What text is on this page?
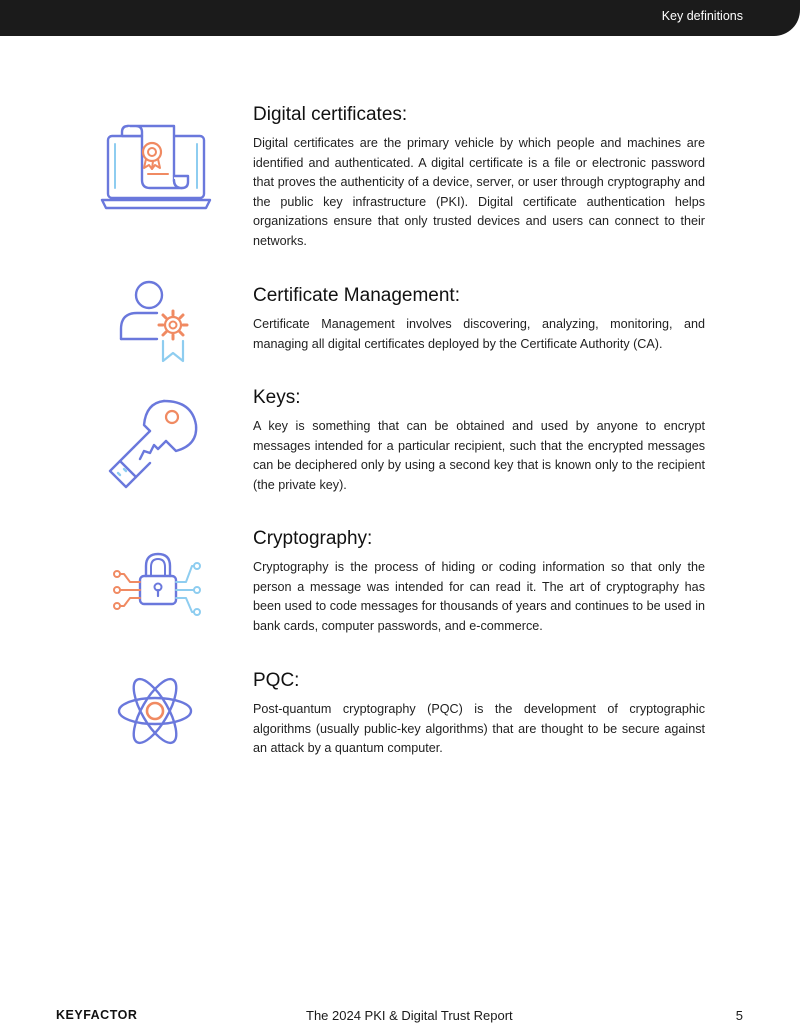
Key definitions
Digital certificates:

Digital certificates are the primary vehicle by which people and machines are identified and authenticated. A digital certificate is a file or electronic password that proves the authenticity of a device, server, or user through cryptography and the public key infrastructure (PKI). Digital certificate authentication helps organizations ensure that only trusted devices and users can connect to their networks.

Certificate Management:

Certificate Management involves discovering, analyzing, monitoring, and managing all digital certificates deployed by the Certificate Authority (CA).

Keys:

A key is something that can be obtained and used by anyone to encrypt messages intended for a particular recipient, such that the encrypted messages can be deciphered only by using a second key that is known only to the recipient (the private key).

Cryptography:

Cryptography is the process of hiding or coding information so that only the person a message was intended for can read it. The art of cryptography has been used to code messages for thousands of years and continues to be used in bank cards, computer passwords, and e-commerce.

PQC:

Post-quantum cryptography (PQC) is the development of cryptographic algorithms (usually public-key algorithms) that are thought to be secure against an attack by a quantum computer.

KEYFACTOR	The 2024 PKI & Digital Trust Report	5
